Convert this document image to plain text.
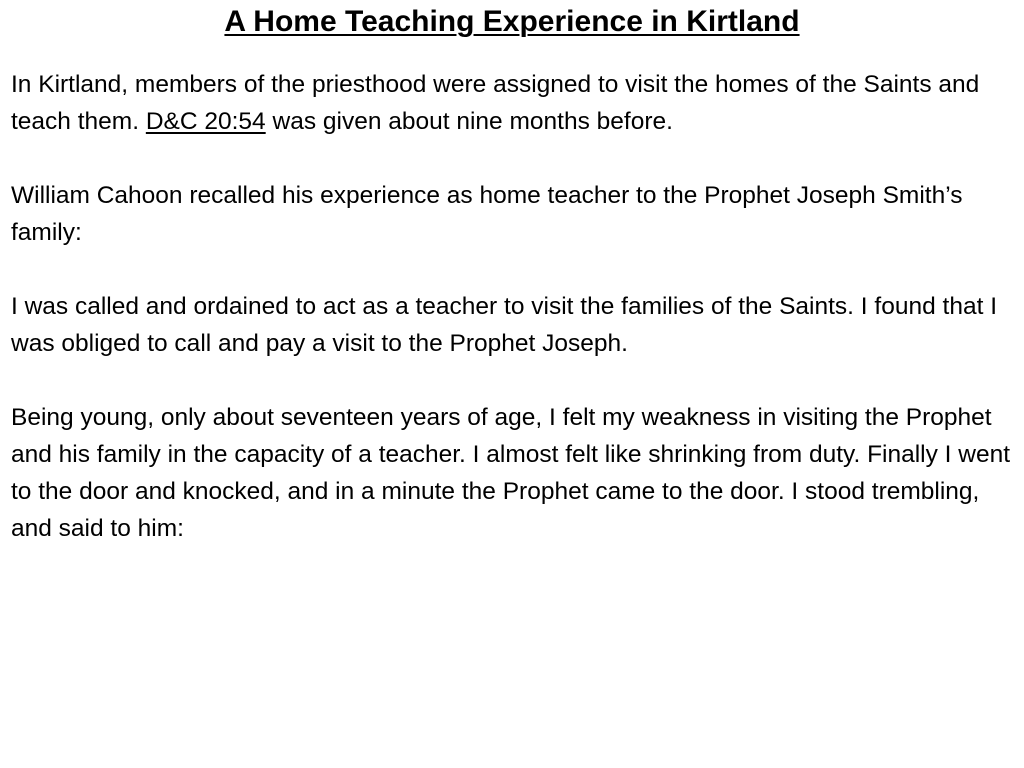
A Home Teaching Experience in Kirtland

In Kirtland, members of the priesthood were assigned to visit the homes of the Saints and teach them. D&C 20:54 was given about nine months before.

William Cahoon recalled his experience as home teacher to the Prophet Joseph Smith’s family:

I was called and ordained to act as a teacher to visit the families of the Saints. I found that I was obliged to call and pay a visit to the Prophet Joseph.

Being young, only about seventeen years of age, I felt my weakness in visiting the Prophet and his family in the capacity of a teacher. I almost felt like shrinking from duty. Finally I went to the door and knocked, and in a minute the Prophet came to the door. I stood trembling, and said to him:
